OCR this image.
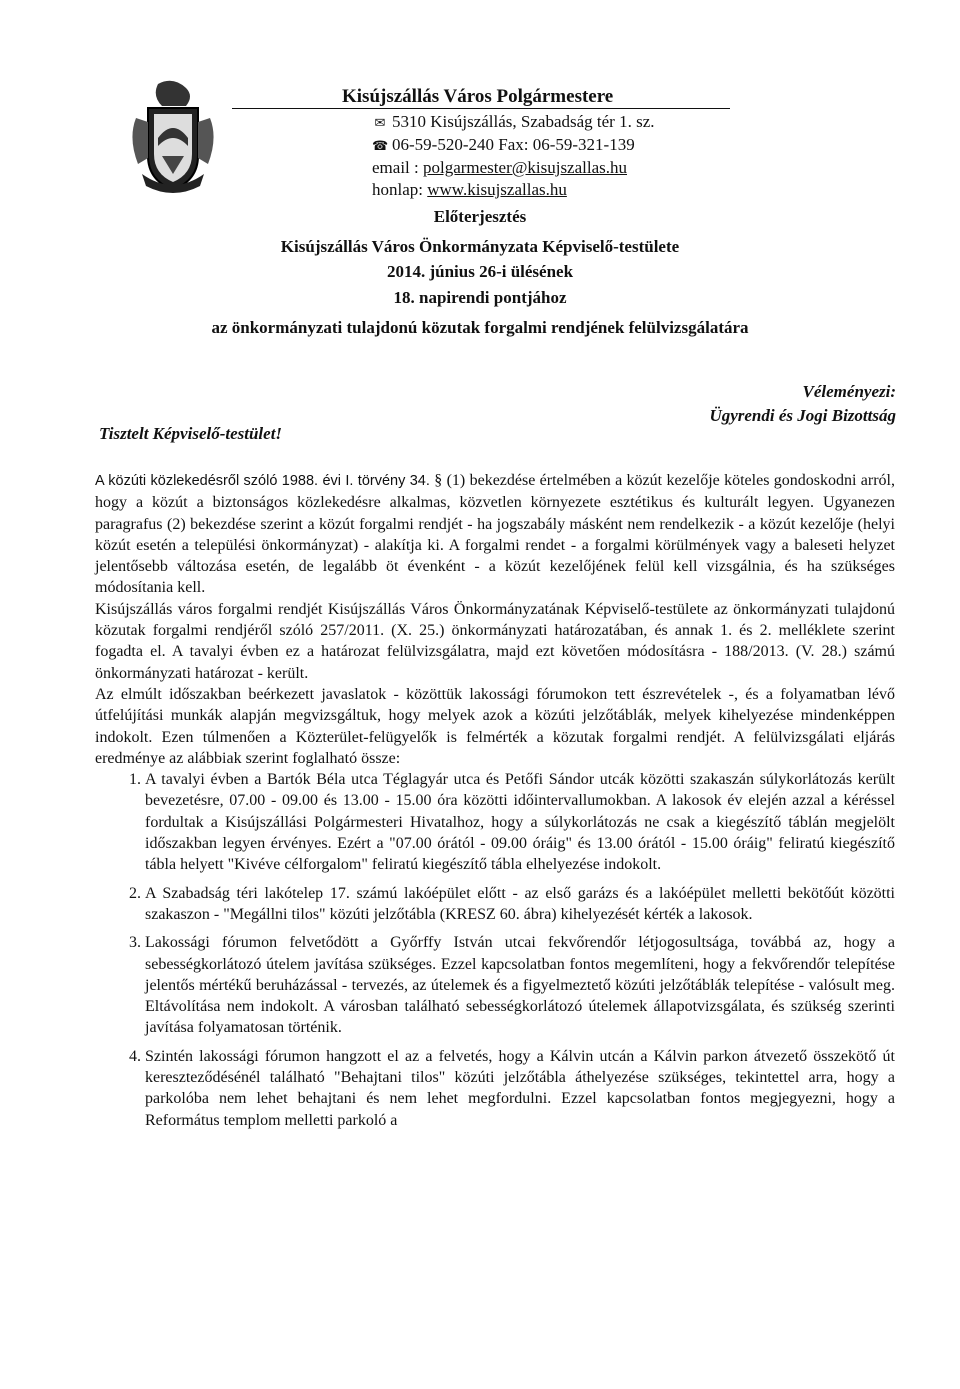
Kisújszállás Város Polgármestere
✉ 5310 Kisújszállás, Szabadság tér 1. sz.
☎ 06-59-520-240 Fax: 06-59-321-139
email : polgarmester@kisujszallas.hu
honlap: www.kisujszallas.hu
Előterjesztés
Kisújszállás Város Önkormányzata Képviselő-testülete
2014. június 26-i ülésének
18. napirendi pontjához
az önkormányzati tulajdonú közutak forgalmi rendjének felülvizsgálatára
Véleményezi:
Ügyrendi és Jogi Bizottság
Tisztelt Képviselő-testület!

A közúti közlekedésről szóló 1988. évi I. törvény 34. § (1) bekezdése értelmében a közút kezelője köteles gondoskodni arról, hogy a közút a biztonságos közlekedésre alkalmas, közvetlen környezete esztétikus és kulturált legyen. Ugyanezen paragrafus (2) bekezdése szerint a közút forgalmi rendjét - ha jogszabály másként nem rendelkezik - a közút kezelője (helyi közút esetén a települési önkormányzat) - alakítja ki. A forgalmi rendet - a forgalmi körülmények vagy a baleseti helyzet jelentősebb változása esetén, de legalább öt évenként - a közút kezelőjének felül kell vizsgálnia, és ha szükséges módosítania kell.

Kisújszállás város forgalmi rendjét Kisújszállás Város Önkormányzatának Képviselő-testülete az önkormányzati tulajdonú közutak forgalmi rendjéről szóló 257/2011. (X. 25.) önkormányzati határozatában, és annak 1. és 2. melléklete szerint fogadta el. A tavalyi évben ez a határozat felülvizsgálatra, majd ezt követően módosításra - 188/2013. (V. 28.) számú önkormányzati határozat - került.

Az elmúlt időszakban beérkezett javaslatok - közöttük lakossági fórumokon tett észrevételek -, és a folyamatban lévő útfelújítási munkák alapján megvizsgáltuk, hogy melyek azok a közúti jelzőtáblák, melyek kihelyezése mindenképpen indokolt. Ezen túlmenően a Közterület-felügyelők is felmérték a közutak forgalmi rendjét. A felülvizsgálati eljárás eredménye az alábbiak szerint foglalható össze:

1. A tavalyi évben a Bartók Béla utca Téglagyár utca és Petőfi Sándor utcák közötti szakaszán súlykorlátozás került bevezetésre, 07.00 - 09.00 és 13.00 - 15.00 óra közötti időintervallumokban. A lakosok év elején azzal a kéréssel fordultak a Kisújszállási Polgármesteri Hivatalhoz, hogy a súlykorlátozás ne csak a kiegészítő táblán megjelölt időszakban legyen érvényes. Ezért a "07.00 órától - 09.00 óráig" és 13.00 órától - 15.00 óráig" feliratú kiegészítő tábla helyett "Kivéve célforgalom" feliratú kiegészítő tábla elhelyezése indokolt.
2. A Szabadság téri lakótelep 17. számú lakóépület előtt - az első garázs és a lakóépület melletti bekötőút közötti szakaszon - "Megállni tilos" közúti jelzőtábla (KRESZ 60. ábra) kihelyezését kérték a lakosok.
3. Lakossági fórumon felvetődött a Győrffy István utcai fekvőrendőr létjogosultsága, továbbá az, hogy a sebességkorlátozó útelem javítása szükséges. Ezzel kapcsolatban fontos megemlíteni, hogy a fekvőrendőr telepítése jelentős mértékű beruházással - tervezés, az útelemek és a figyelmeztető közúti jelzőtáblák telepítése - valósult meg. Eltávolítása nem indokolt. A városban található sebességkorlátozó útelemek állapotvizsgálata, és szükség szerinti javítása folyamatosan történik.
4. Szintén lakossági fórumon hangzott el az a felvetés, hogy a Kálvin utcán a Kálvin parkon átvezető összekötő út kereszteződésénél található "Behajtani tilos" közúti jelzőtábla áthelyezése szükséges, tekintettel arra, hogy a parkolóba nem lehet behajtani és nem lehet megfordulni. Ezzel kapcsolatban fontos megjegyezni, hogy a Református templom melletti parkoló a
